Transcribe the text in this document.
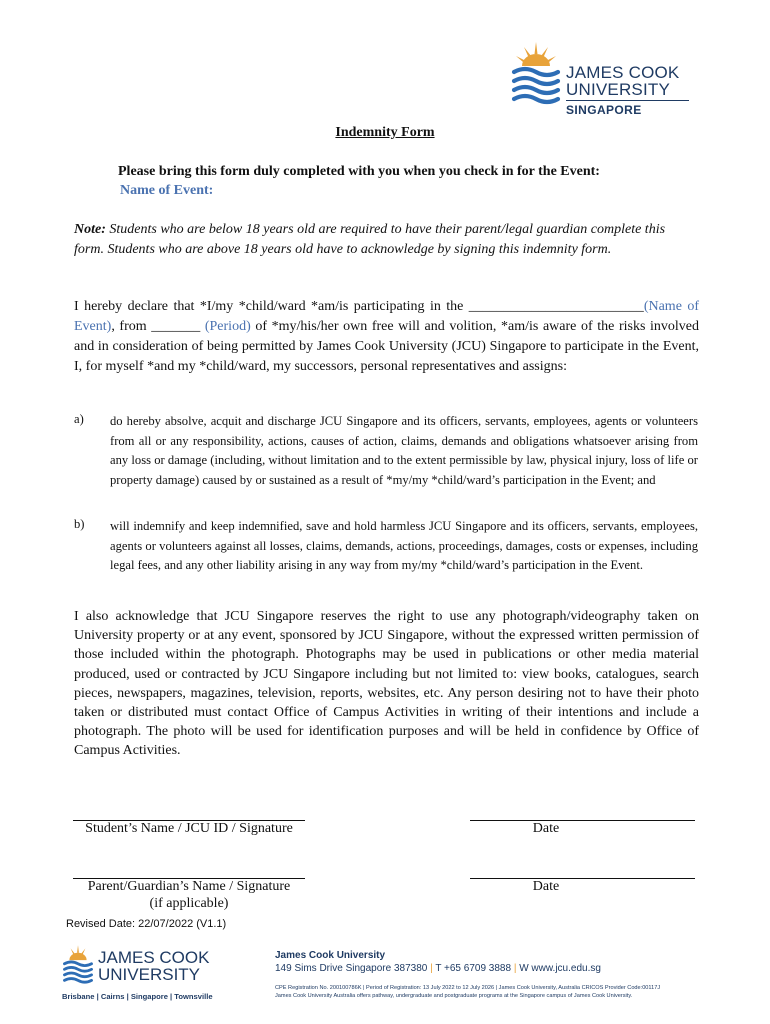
JAMES COOK
UNIVERSITY
SINGAPORE
Indemnity Form
Please bring this form duly completed with you when you check in for the Event:
Name of Event:
Note: Students who are below 18 years old are required to have their parent/legal guardian complete this form. Students who are above 18 years old have to acknowledge by signing this indemnity form.
I hereby declare that *I/my *child/ward *am/is participating in the _________________________(Name of Event), from _______ (Period) of *my/his/her own free will and volition, *am/is aware of the risks involved and in consideration of being permitted by James Cook University (JCU) Singapore to participate in the Event, I, for myself *and my *child/ward, my successors, personal representatives and assigns:
a) do hereby absolve, acquit and discharge JCU Singapore and its officers, servants, employees, agents or volunteers from all or any responsibility, actions, causes of action, claims, demands and obligations whatsoever arising from any loss or damage (including, without limitation and to the extent permissible by law, physical injury, loss of life or property damage) caused by or sustained as a result of *my/my *child/ward’s participation in the Event; and
b) will indemnify and keep indemnified, save and hold harmless JCU Singapore and its officers, servants, employees, agents or volunteers against all losses, claims, demands, actions, proceedings, damages, costs or expenses, including legal fees, and any other liability arising in any way from my/my *child/ward’s participation in the Event.
I also acknowledge that JCU Singapore reserves the right to use any photograph/videography taken on University property or at any event, sponsored by JCU Singapore, without the expressed written permission of those included within the photograph. Photographs may be used in publications or other media material produced, used or contracted by JCU Singapore including but not limited to: view books, catalogues, search pieces, newspapers, magazines, television, reports, websites, etc. Any person desiring not to have their photo taken or distributed must contact Office of Campus Activities in writing of their intentions and include a photograph. The photo will be used for identification purposes and will be held in confidence by Office of Campus Activities.
Student’s Name / JCU ID / Signature	Date
Parent/Guardian’s Name / Signature
(if applicable)
Date
Revised Date: 22/07/2022 (V1.1)
JAMES COOK
UNIVERSITY
Brisbane | Cairns | Singapore | Townsville
James Cook University
149 Sims Drive Singapore 387380 | T +65 6709 3888 | W www.jcu.edu.sg
CPE Registration No. 200100786K | Period of Registration: 13 July 2022 to 12 July 2026 | James Cook University, Australia CRICOS Provider Code:00117J
James Cook University Australia offers pathway, undergraduate and postgraduate programs at the Singapore campus of James Cook University.
